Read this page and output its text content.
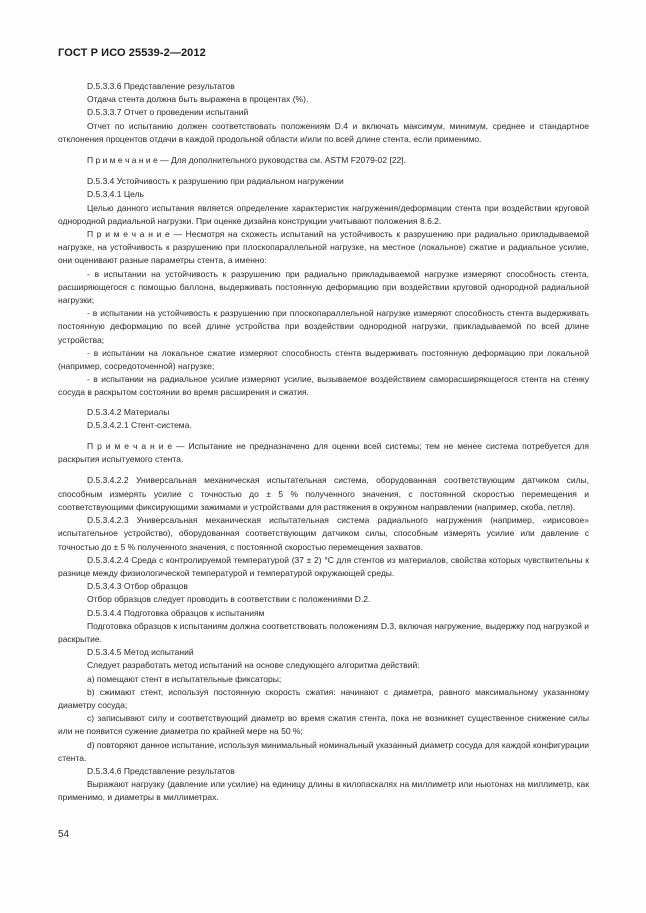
ГОСТ Р ИСО 25539-2—2012

D.5.3.3.6 Представление результатов

Отдача стента должна быть выражена в процентах (%).

D.5.3.3.7 Отчет о проведении испытаний

Отчет по испытанию должен соответствовать положениям D.4 и включать максимум, минимум, среднее и стандартное отклонения процентов отдачи в каждой продольной области и/или по всей длине стента, если применимо.

П р и м е ч а н и е — Для дополнительного руководства см. ASTM F2079-02 [22].

D.5.3.4 Устойчивость к разрушению при радиальном нагружении

D.5.3.4.1 Цель

Целью данного испытания является определение характеристик нагружения/деформации стента при воздействии круговой однородной радиальной нагрузки. При оценке дизайна конструкции учитывают положения 8.6.2.

П р и м е ч а н и е — Несмотря на схожесть испытаний на устойчивость к разрушению при радиально прикладываемой нагрузке, на устойчивость к разрушению при плоскопараллельной нагрузке, на местное (локальное) сжатие и радиальное усилие, они оценивают разные параметры стента, а именно:

- в испытании на устойчивость к разрушению при радиально прикладываемой нагрузке измеряют способность стента, расширяющегося с помощью баллона, выдерживать постоянную деформацию при воздействии круговой однородной радиальной нагрузки;

- в испытании на устойчивость к разрушению при плоскопараллельной нагрузке измеряют способность стента выдерживать постоянную деформацию по всей длине устройства при воздействии однородной нагрузки, прикладываемой по всей длине устройства;

- в испытании на локальное сжатие измеряют способность стента выдерживать постоянную деформацию при локальной (например, сосредоточенной) нагрузке;

- в испытании на радиальное усилие измеряют усилие, вызываемое воздействием саморасширяющегося стента на стенку сосуда в раскрытом состоянии во время расширения и сжатия.

D.5.3.4.2 Материалы

D.5.3.4.2.1 Стент-система.

П р и м е ч а н и е — Испытание не предназначено для оценки всей системы; тем не менее система потребуется для раскрытия испытуемого стента.

D.5.3.4.2.2 Универсальная механическая испытательная система, оборудованная соответствующим датчиком силы, способным измерять усилие с точностью до ± 5 % полученного значения, с постоянной скоростью перемещения и соответствующими фиксирующими зажимами и устройствами для растяжения в окружном направлении (например, скоба, петля).

D.5.3.4.2.3 Универсальная механическая испытательная система радиального нагружения (например, «ирисовое» испытательное устройство), оборудованная соответствующим датчиком силы, способным измерять усилие или давление с точностью до ± 5 % полученного значения, с постоянной скоростью перемещения захватов.

D.5.3.4.2.4 Среда с контролируемой температурой (37 ± 2) °С для стентов из материалов, свойства которых чувствительны к разнице между физиологической температурой и температурой окружающей среды.

D.5.3.4.3 Отбор образцов

Отбор образцов следует проводить в соответствии с положениями D.2.

D.5.3.4.4 Подготовка образцов к испытаниям

Подготовка образцов к испытаниям должна соответствовать положениям D.3, включая нагружение, выдержку под нагрузкой и раскрытие.

D.5.3.4.5 Метод испытаний

Следует разработать метод испытаний на основе следующего алгоритма действий:

a) помещают стент в испытательные фиксаторы;

b) сжимают стент, используя постоянную скорость сжатия: начинают с диаметра, равного максимальному указанному диаметру сосуда;

c) записывают силу и соответствующий диаметр во время сжатия стента, пока не возникнет существенное снижение силы или не появится сужение диаметра по крайней мере на 50 %;

d) повторяют данное испытание, используя минимальный номинальный указанный диаметр сосуда для каждой конфигурации стента.

D.5.3.4.6 Представление результатов

Выражают нагрузку (давление или усилие) на единицу длины в килопаскалях на миллиметр или ньютонах на миллиметр, как применимо, и диаметры в миллиметрах.

54
